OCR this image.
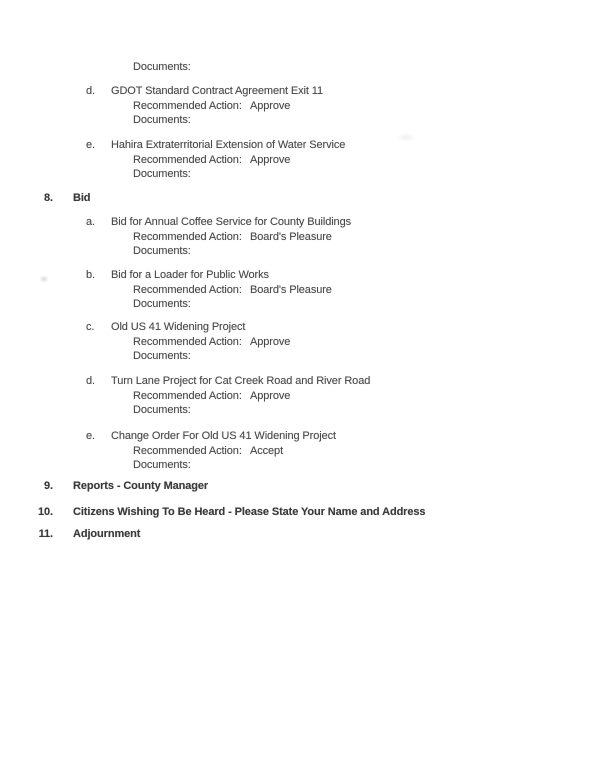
Documents:
d. GDOT Standard Contract Agreement Exit 11
Recommended Action: Approve
Documents:
e. Hahira Extraterritorial Extension of Water Service
Recommended Action: Approve
Documents:
8. Bid
a. Bid for Annual Coffee Service for County Buildings
Recommended Action: Board's Pleasure
Documents:
b. Bid for a Loader for Public Works
Recommended Action: Board's Pleasure
Documents:
c. Old US 41 Widening Project
Recommended Action: Approve
Documents:
d. Turn Lane Project for Cat Creek Road and River Road
Recommended Action: Approve
Documents:
e. Change Order For Old US 41 Widening Project
Recommended Action: Accept
Documents:
9. Reports - County Manager
10. Citizens Wishing To Be Heard - Please State Your Name and Address
11. Adjournment
